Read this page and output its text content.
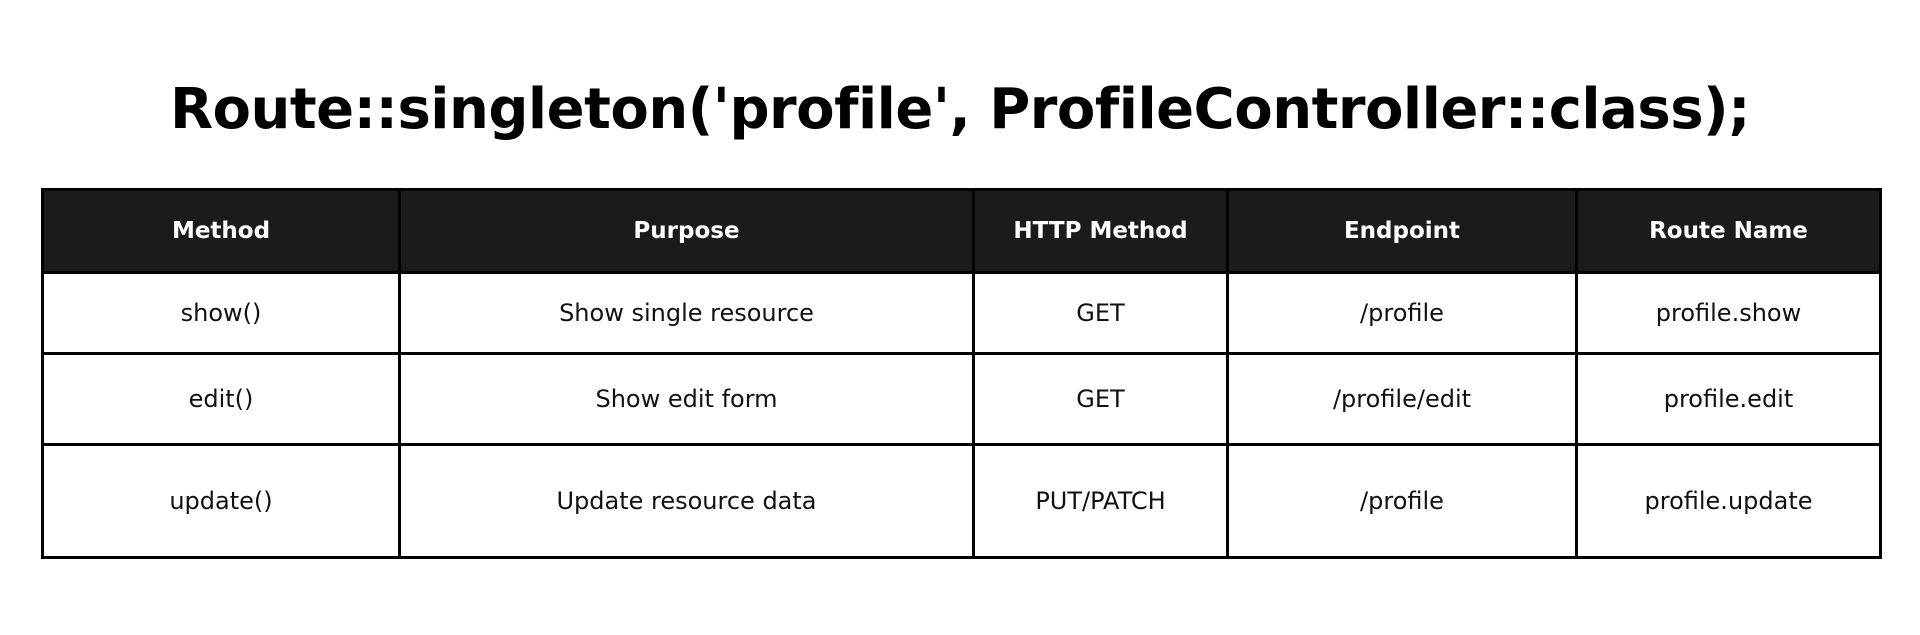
Route::singleton('profile', ProfileController::class);
Method	Purpose	HTTP Method	Endpoint	Route Name
show()	Show single resource	GET	/profile	profile.show
edit()	Show edit form	GET	/profile/edit	profile.edit
update()	Update resource data	PUT/PATCH	/profile	profile.update
